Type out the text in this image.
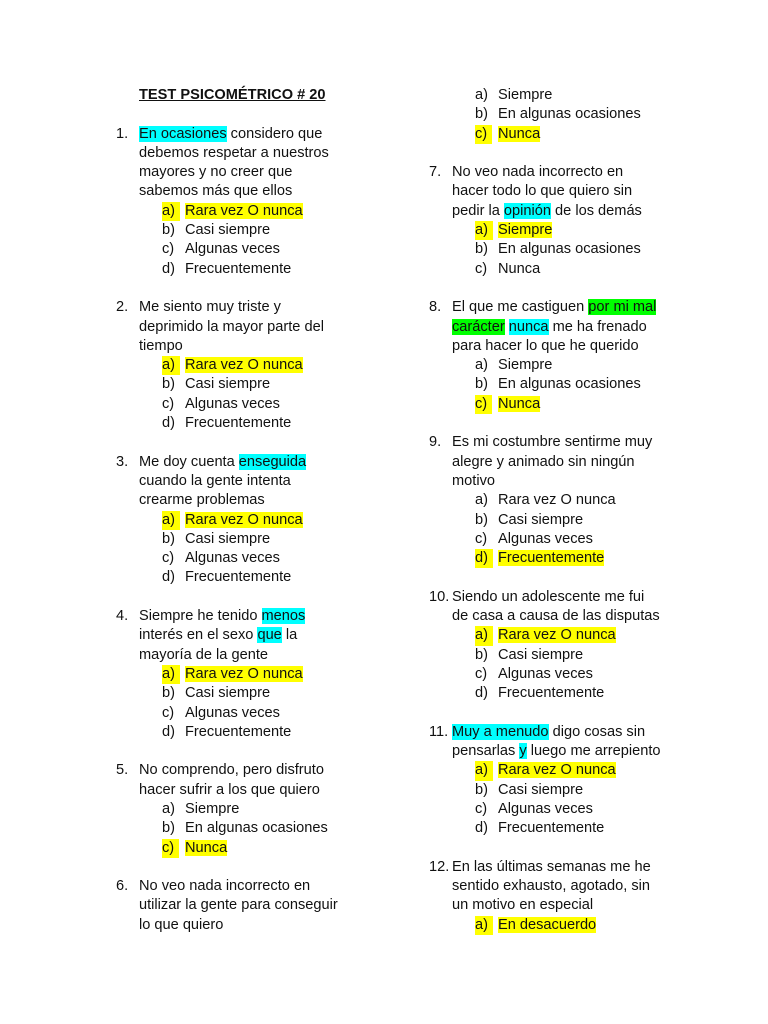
TEST PSICOMÉTRICO # 20
1. En ocasiones considero que
debemos respetar a nuestros
mayores y no creer que
sabemos más que ellos
a) Rara vez O nunca
b) Casi siempre
c) Algunas veces
d) Frecuentemente
2. Me siento muy triste y
deprimido la mayor parte del
tiempo
a) Rara vez O nunca
b) Casi siempre
c) Algunas veces
d) Frecuentemente
3. Me doy cuenta enseguida
cuando la gente intenta
crearme problemas
a) Rara vez O nunca
b) Casi siempre
c) Algunas veces
d) Frecuentemente
4. Siempre he tenido menos
interés en el sexo que la
mayoría de la gente
a) Rara vez O nunca
b) Casi siempre
c) Algunas veces
d) Frecuentemente
5. No comprendo, pero disfruto
hacer sufrir a los que quiero
a) Siempre
b) En algunas ocasiones
c) Nunca
6. No veo nada incorrecto en
utilizar la gente para conseguir
lo que quiero
a) Siempre
b) En algunas ocasiones
c) Nunca
7. No veo nada incorrecto en
hacer todo lo que quiero sin
pedir la opinión de los demás
a) Siempre
b) En algunas ocasiones
c) Nunca
8. El que me castiguen por mi mal
carácter nunca me ha frenado
para hacer lo que he querido
a) Siempre
b) En algunas ocasiones
c) Nunca
9. Es mi costumbre sentirme muy
alegre y animado sin ningún
motivo
a) Rara vez O nunca
b) Casi siempre
c) Algunas veces
d) Frecuentemente
10. Siendo un adolescente me fui
de casa a causa de las disputas
a) Rara vez O nunca
b) Casi siempre
c) Algunas veces
d) Frecuentemente
11. Muy a menudo digo cosas sin
pensarlas y luego me arrepiento
a) Rara vez O nunca
b) Casi siempre
c) Algunas veces
d) Frecuentemente
12. En las últimas semanas me he
sentido exhausto, agotado, sin
un motivo en especial
a) En desacuerdo
